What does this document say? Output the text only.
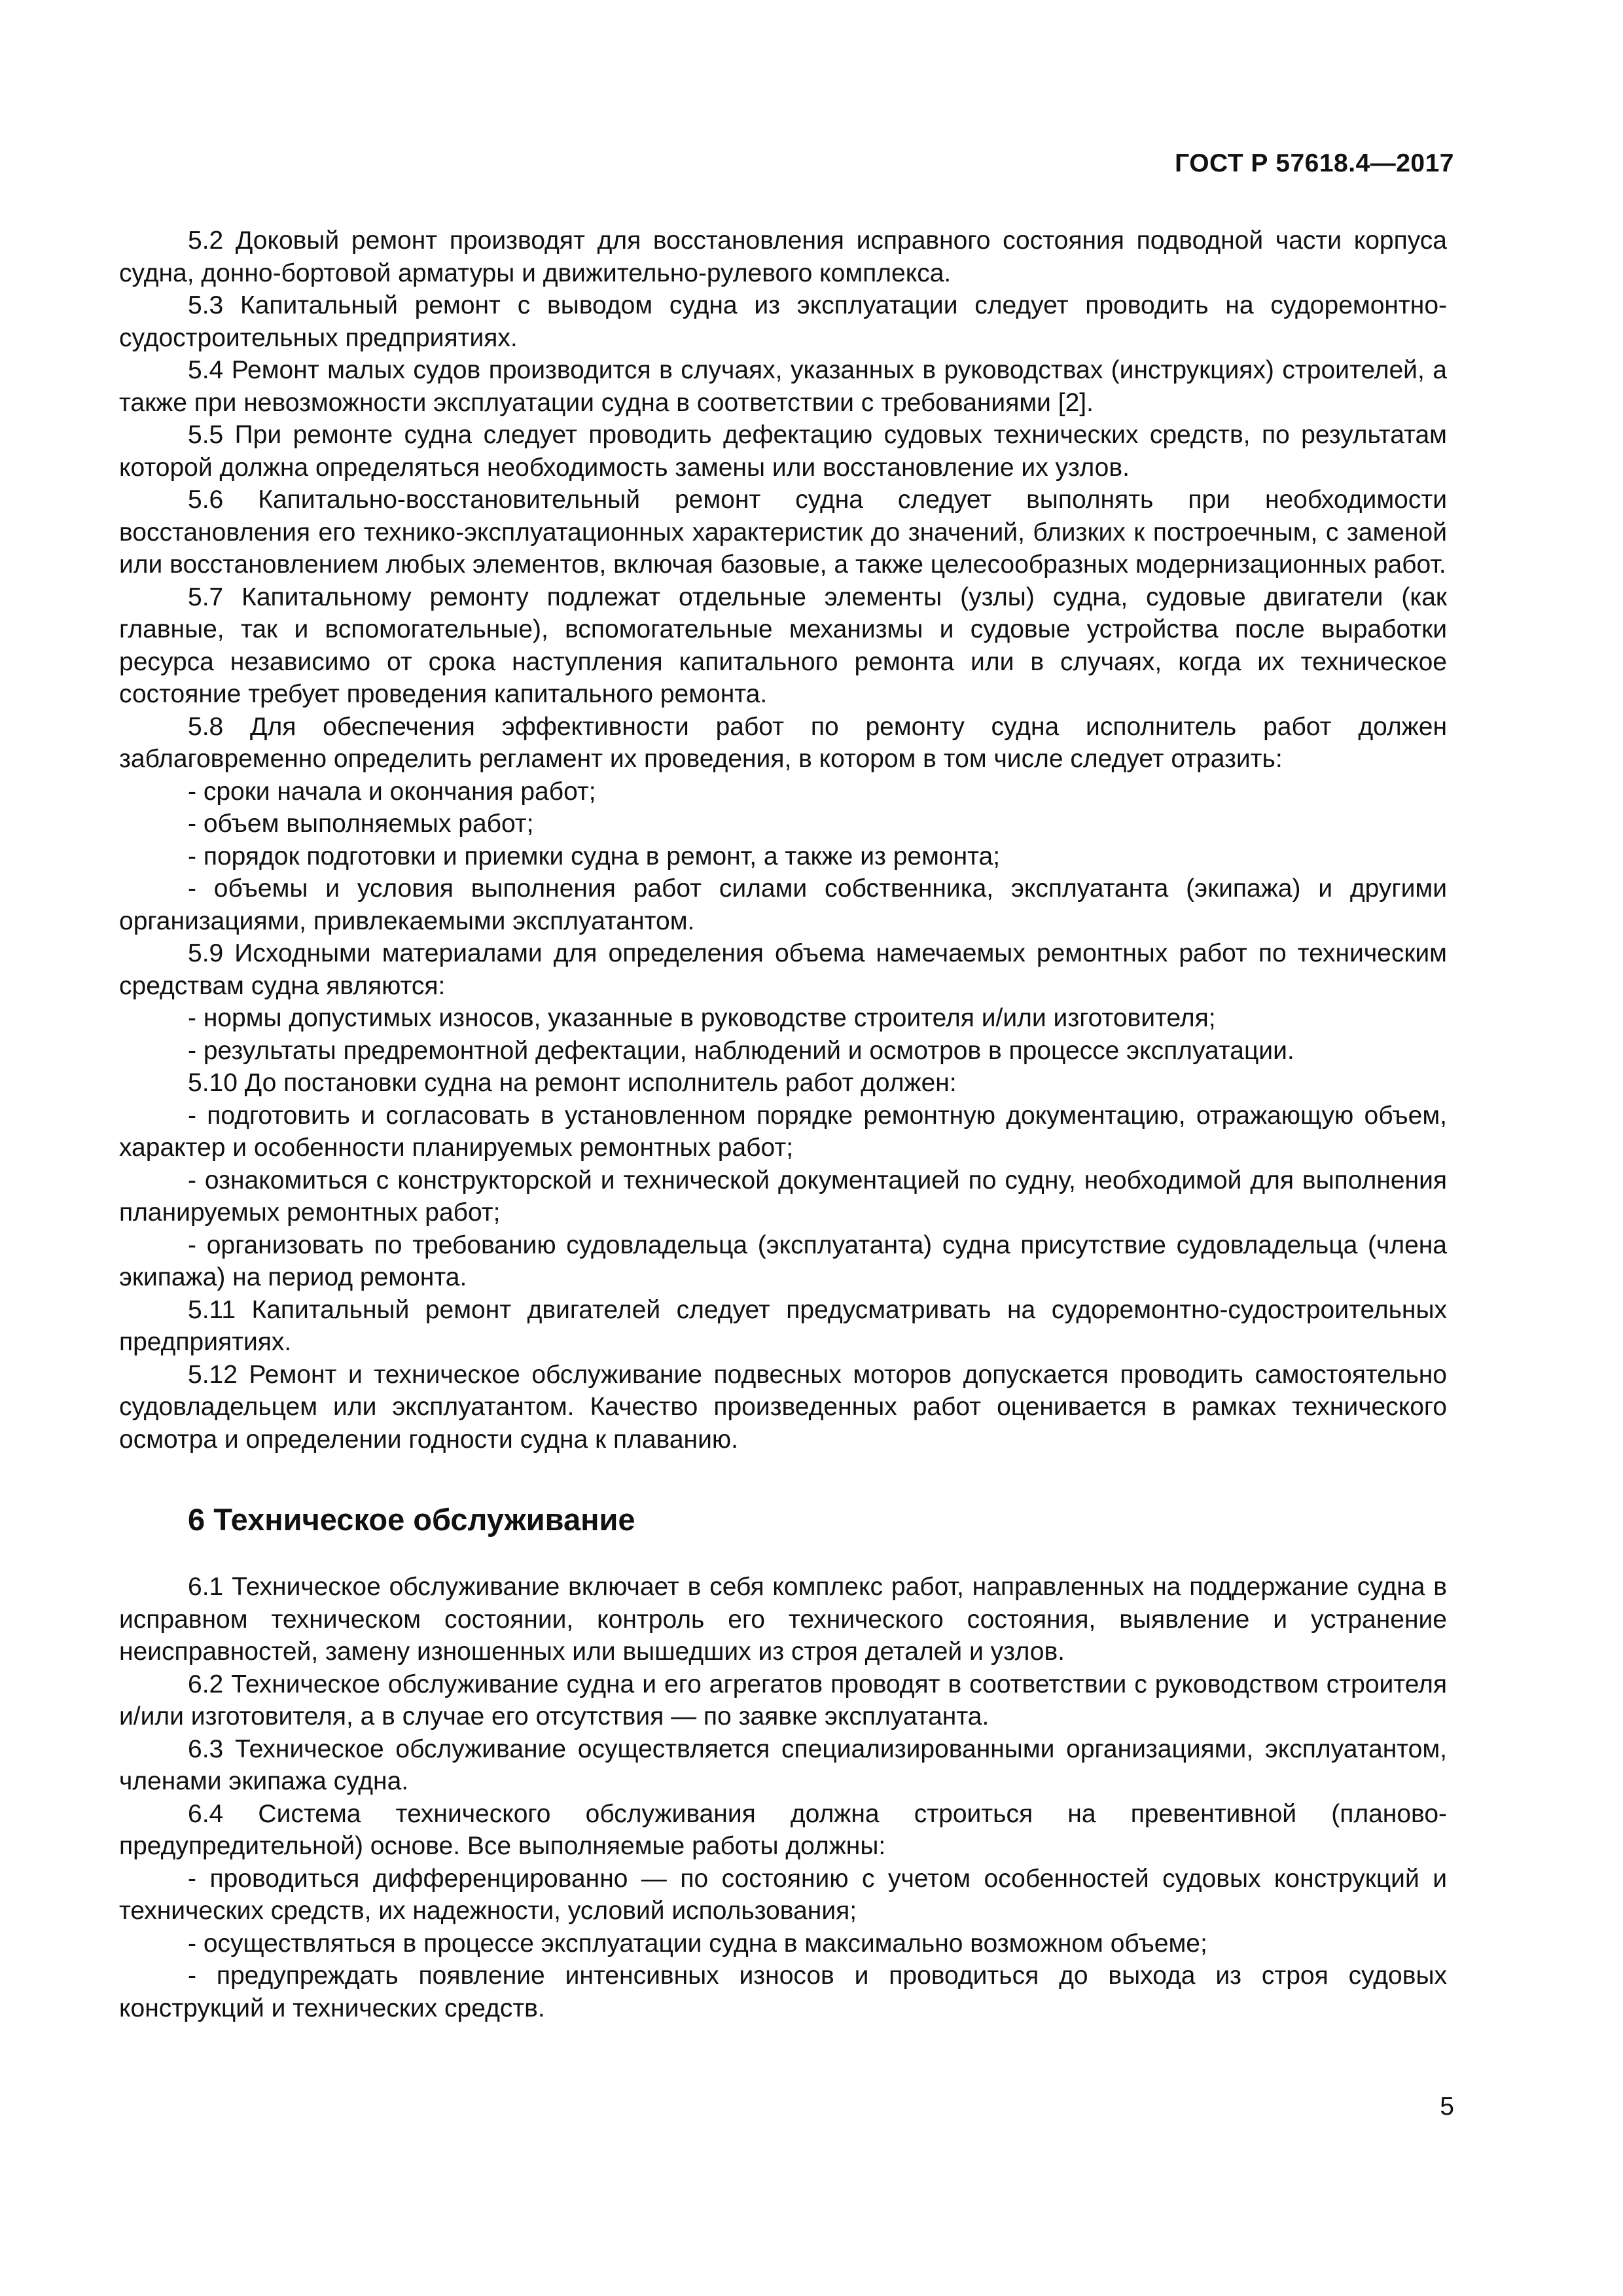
ГОСТ Р 57618.4—2017

5.2 Доковый ремонт производят для восстановления исправного состояния подводной части корпуса судна, донно-бортовой арматуры и движительно-рулевого комплекса.

5.3 Капитальный ремонт с выводом судна из эксплуатации следует проводить на судоремонтно-судостроительных предприятиях.

5.4 Ремонт малых судов производится в случаях, указанных в руководствах (инструкциях) строителей, а также при невозможности эксплуатации судна в соответствии с требованиями [2].

5.5 При ремонте судна следует проводить дефектацию судовых технических средств, по результатам которой должна определяться необходимость замены или восстановление их узлов.

5.6 Капитально-восстановительный ремонт судна следует выполнять при необходимости восстановления его технико-эксплуатационных характеристик до значений, близких к построечным, с заменой или восстановлением любых элементов, включая базовые, а также целесообразных модернизационных работ.

5.7 Капитальному ремонту подлежат отдельные элементы (узлы) судна, судовые двигатели (как главные, так и вспомогательные), вспомогательные механизмы и судовые устройства после выработки ресурса независимо от срока наступления капитального ремонта или в случаях, когда их техническое состояние требует проведения капитального ремонта.

5.8 Для обеспечения эффективности работ по ремонту судна исполнитель работ должен заблаговременно определить регламент их проведения, в котором в том числе следует отразить:

- сроки начала и окончания работ;

- объем выполняемых работ;

- порядок подготовки и приемки судна в ремонт, а также из ремонта;

- объемы и условия выполнения работ силами собственника, эксплуатанта (экипажа) и другими организациями, привлекаемыми эксплуатантом.

5.9 Исходными материалами для определения объема намечаемых ремонтных работ по техническим средствам судна являются:

- нормы допустимых износов, указанные в руководстве строителя и/или изготовителя;

- результаты предремонтной дефектации, наблюдений и осмотров в процессе эксплуатации.

5.10 До постановки судна на ремонт исполнитель работ должен:

- подготовить и согласовать в установленном порядке ремонтную документацию, отражающую объем, характер и особенности планируемых ремонтных работ;

- ознакомиться с конструкторской и технической документацией по судну, необходимой для выполнения планируемых ремонтных работ;

- организовать по требованию судовладельца (эксплуатанта) судна присутствие судовладельца (члена экипажа) на период ремонта.

5.11 Капитальный ремонт двигателей следует предусматривать на судоремонтно-судостроительных предприятиях.

5.12 Ремонт и техническое обслуживание подвесных моторов допускается проводить самостоятельно судовладельцем или эксплуатантом. Качество произведенных работ оценивается в рамках технического осмотра и определении годности судна к плаванию.

6 Техническое обслуживание

6.1 Техническое обслуживание включает в себя комплекс работ, направленных на поддержание судна в исправном техническом состоянии, контроль его технического состояния, выявление и устранение неисправностей, замену изношенных или вышедших из строя деталей и узлов.

6.2 Техническое обслуживание судна и его агрегатов проводят в соответствии с руководством строителя и/или изготовителя, а в случае его отсутствия — по заявке эксплуатанта.

6.3 Техническое обслуживание осуществляется специализированными организациями, эксплуатантом, членами экипажа судна.

6.4 Система технического обслуживания должна строиться на превентивной (планово-предупредительной) основе. Все выполняемые работы должны:

- проводиться дифференцированно — по состоянию с учетом особенностей судовых конструкций и технических средств, их надежности, условий использования;

- осуществляться в процессе эксплуатации судна в максимально возможном объеме;

- предупреждать появление интенсивных износов и проводиться до выхода из строя судовых конструкций и технических средств.

5
